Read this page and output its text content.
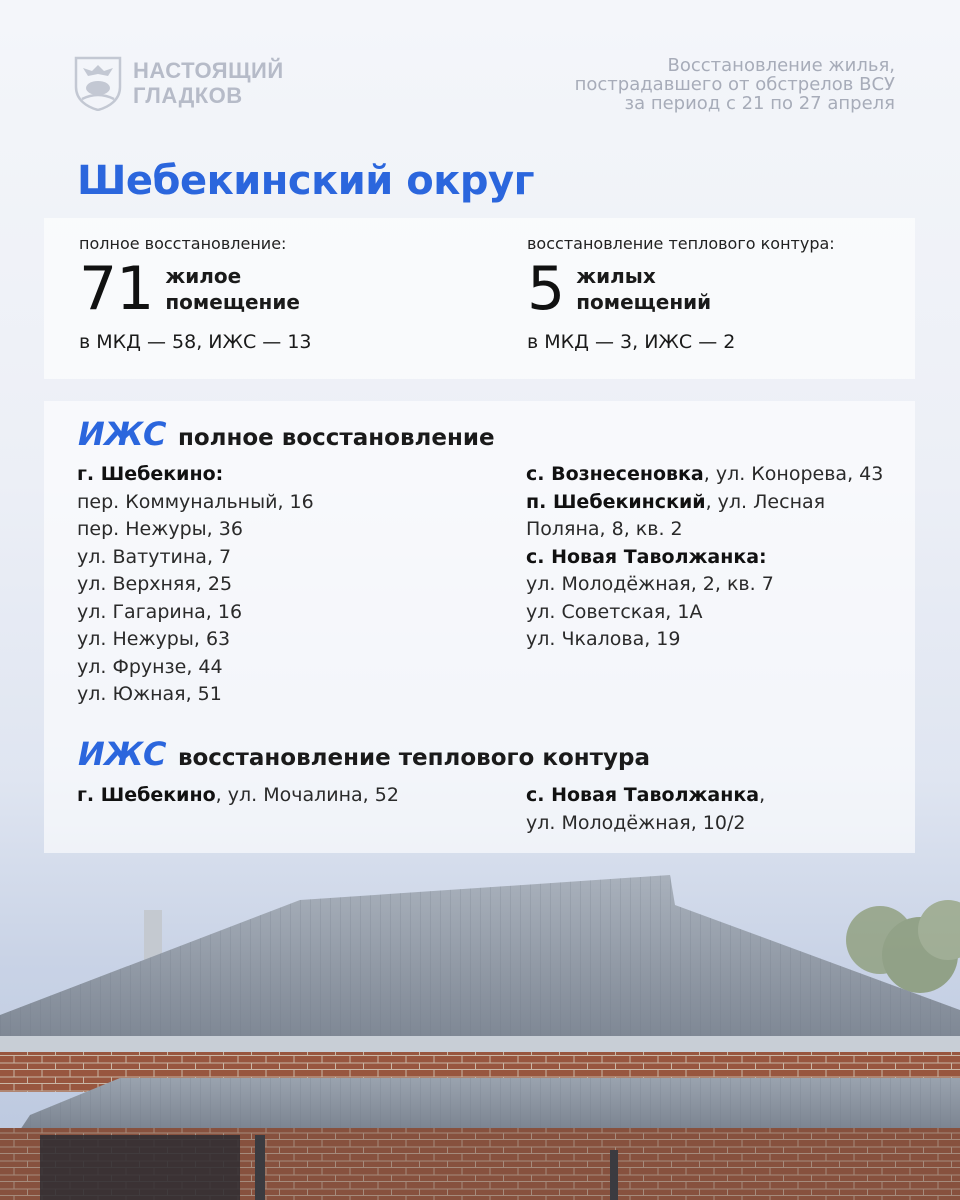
НАСТОЯЩИЙ
ГЛАДКОВ
Восстановление жилья,
пострадавшего от обстрелов ВСУ
за период с 21 по 27 апреля
Шебекинский округ
полное восстановление:
71 жилое
помещение
в МКД — 58, ИЖС — 13
восстановление теплового контура:
5 жилых
помещений
в МКД — 3, ИЖС — 2
ИЖС полное восстановление
г. Шебекино:
пер. Коммунальный, 16
пер. Нежуры, 36
ул. Ватутина, 7
ул. Верхняя, 25
ул. Гагарина, 16
ул. Нежуры, 63
ул. Фрунзе, 44
ул. Южная, 51
с. Вознесеновка, ул. Конорева, 43
п. Шебекинский, ул. Лесная
Поляна, 8, кв. 2
с. Новая Таволжанка:
ул. Молодёжная, 2, кв. 7
ул. Советская, 1А
ул. Чкалова, 19
ИЖС восстановление теплового контура
г. Шебекино, ул. Мочалина, 52	с. Новая Таволжанка,
ул. Молодёжная, 10/2
